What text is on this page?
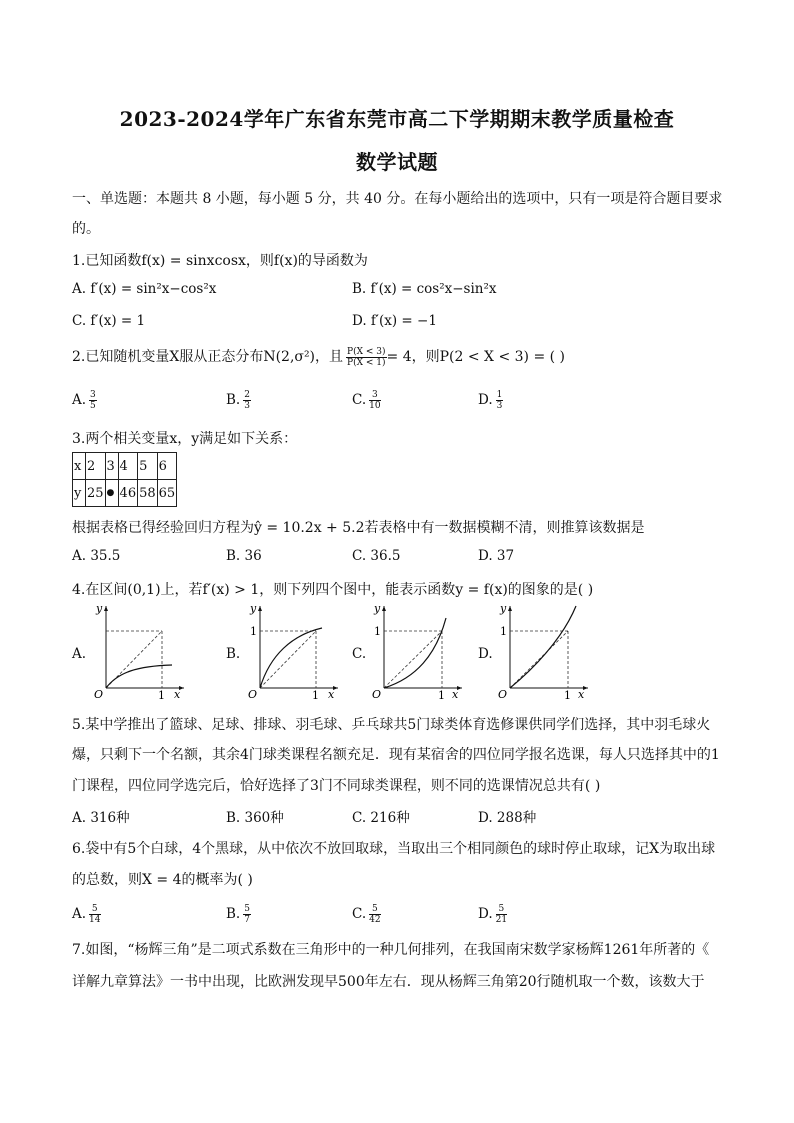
2023-2024学年广东省东莞市高二下学期期末教学质量检查
数学试题
一、单选题：本题共 8 小题，每小题 5 分，共 40 分。在每小题给出的选项中，只有一项是符合题目要求
的。
1.已知函数f(x) = sinxcosx，则f(x)的导函数为
A. f′(x) = sin²x−cos²x	B. f′(x) = cos²x−sin²x
C. f′(x) = 1	D. f′(x) = −1
2.已知随机变量X服从正态分布N(2,σ²)，且 $\frac{P(X < 3)}{P(X < 1)} = 4$，则P(2 < X < 3) = ( )
A. $\frac{3}{5}$	B. $\frac{2}{3}$	C. $\frac{3}{10}$	D. $\frac{1}{3}$
3.两个相关变量x，y满足如下关系：
x	2	3	4	5	6
y	25	●	46	58	65
根据表格已得经验回归方程为ŷ = 10.2x + 5.2若表格中有一数据模糊不清，则推算该数据是
A. 35.5	B. 36	C. 36.5	D. 37
4.在区间(0,1)上，若f′(x) > 1，则下列四个图中，能表示函数y = f(x)的图象的是( )
A.	B.	C.	D.
y
x
O	1
y
x
O
1
1
y
x
O
1
1
y
x
O
1
1
5.某中学推出了篮球、足球、排球、羽毛球、乒乓球共5门球类体育选修课供同学们选择，其中羽毛球火
爆，只剩下一个名额，其余4门球类课程名额充足．现有某宿舍的四位同学报名选课，每人只选择其中的1
门课程，四位同学选完后，恰好选择了3门不同球类课程，则不同的选课情况总共有( )
A. 316种	B. 360种	C. 216种	D. 288种
6.袋中有5个白球，4个黑球，从中依次不放回取球，当取出三个相同颜色的球时停止取球，记X为取出球
的总数，则X = 4的概率为( )
A. $\frac{5}{14}$	B. $\frac{5}{7}$	C. $\frac{5}{42}$	D. $\frac{5}{21}$
7.如图，“杨辉三角”是二项式系数在三角形中的一种几何排列，在我国南宋数学家杨辉1261年所著的《
详解九章算法》一书中出现，比欧洲发现早500年左右．现从杨辉三角第20行随机取一个数，该数大于
